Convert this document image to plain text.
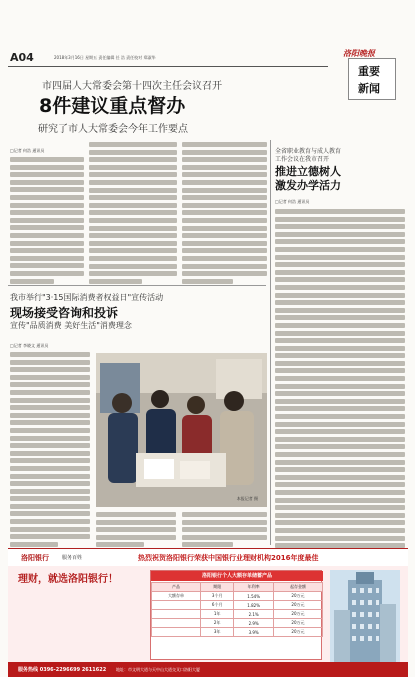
A04	2018年3月16日 星期五 责任编辑 任 浩 责任校对 郑淑华	洛阳晚报
重要
新闻
市四届人大常委会第十四次主任会议召开
8件建议重点督办
研究了市人大常委会今年工作要点
□记者 何浩 通讯员	全省职业教育与成人教育
工作会议在我市召开
推进立德树人
激发办学活力
□记者 何浩 通讯员
我市举行"3·15国际消费者权益日"宣传活动
现场接受咨询和投诉
宣传"品质消费 美好生活"消费理念
□记者 李晓文 通讯员
本报记者 摄
洛阳银行	服务百姓	热烈祝贺洛阳银行荣获中国银行业理财机构2016年度最佳
理财，就选洛阳银行！	洛阳银行个人大额存单储蓄产品
产品	期限	年利率	起存金额
大额存单	3个月	1.54%	20万元
	6个月	1.82%	20万元
	1年	2.1%	20万元
	2年	2.9%	20万元
	3年	3.9%	20万元
服务热线 0396-2296699 2611622 地址：市文明大道与天中山大道交叉口洛阳大厦
